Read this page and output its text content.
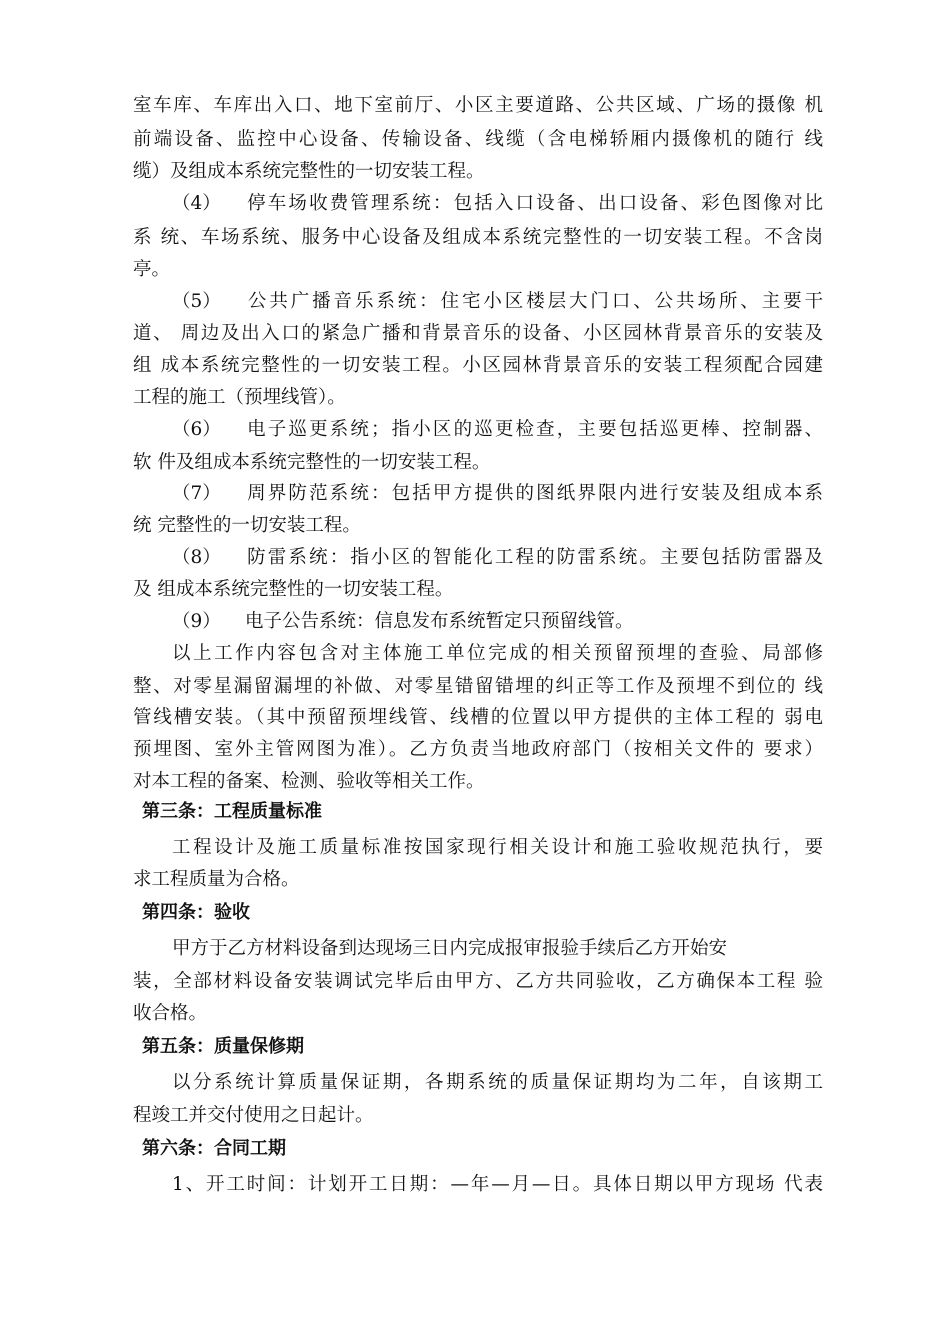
室车库、车库出入口、地下室前厅、小区主要道路、公共区域、广场的摄像 机
前端设备、监控中心设备、传输设备、线缆（含电梯轿厢内摄像机的随行 线
缆）及组成本系统完整性的一切安装工程。
（4） 停车场收费管理系统：包括入口设备、出口设备、彩色图像对比
系 统、车场系统、服务中心设备及组成本系统完整性的一切安装工程。不含岗
亭。
（5） 公共广播音乐系统：住宅小区楼层大门口、公共场所、主要干
道、 周边及出入口的紧急广播和背景音乐的设备、小区园林背景音乐的安装及
组 成本系统完整性的一切安装工程。小区园林背景音乐的安装工程须配合园建
工程的施工（预埋线管）。
（6） 电子巡更系统；指小区的巡更检查，主要包括巡更棒、控制器、
软 件及组成本系统完整性的一切安装工程。
（7） 周界防范系统：包括甲方提供的图纸界限内进行安装及组成本系
统 完整性的一切安装工程。
（8） 防雷系统：指小区的智能化工程的防雷系统。主要包括防雷器及
及 组成本系统完整性的一切安装工程。
（9） 电子公告系统：信息发布系统暂定只预留线管。
以上工作内容包含对主体施工单位完成的相关预留预埋的查验、局部修
整、对零星漏留漏埋的补做、对零星错留错埋的纠正等工作及预埋不到位的 线
管线槽安装。（其中预留预埋线管、线槽的位置以甲方提供的主体工程的 弱电
预埋图、室外主管网图为准）。乙方负责当地政府部门（按相关文件的 要求）
对本工程的备案、检测、验收等相关工作。
第三条：工程质量标准
工程设计及施工质量标准按国家现行相关设计和施工验收规范执行，要
求工程质量为合格。
第四条：验收
甲方于乙方材料设备到达现场三日内完成报审报验手续后乙方开始安
装，全部材料设备安装调试完毕后由甲方、乙方共同验收，乙方确保本工程 验
收合格。
第五条：质量保修期
以分系统计算质量保证期，各期系统的质量保证期均为二年，自该期工
程竣工并交付使用之日起计。
第六条：合同工期
1、开工时间：计划开工日期：—年—月—日。具体日期以甲方现场 代表
